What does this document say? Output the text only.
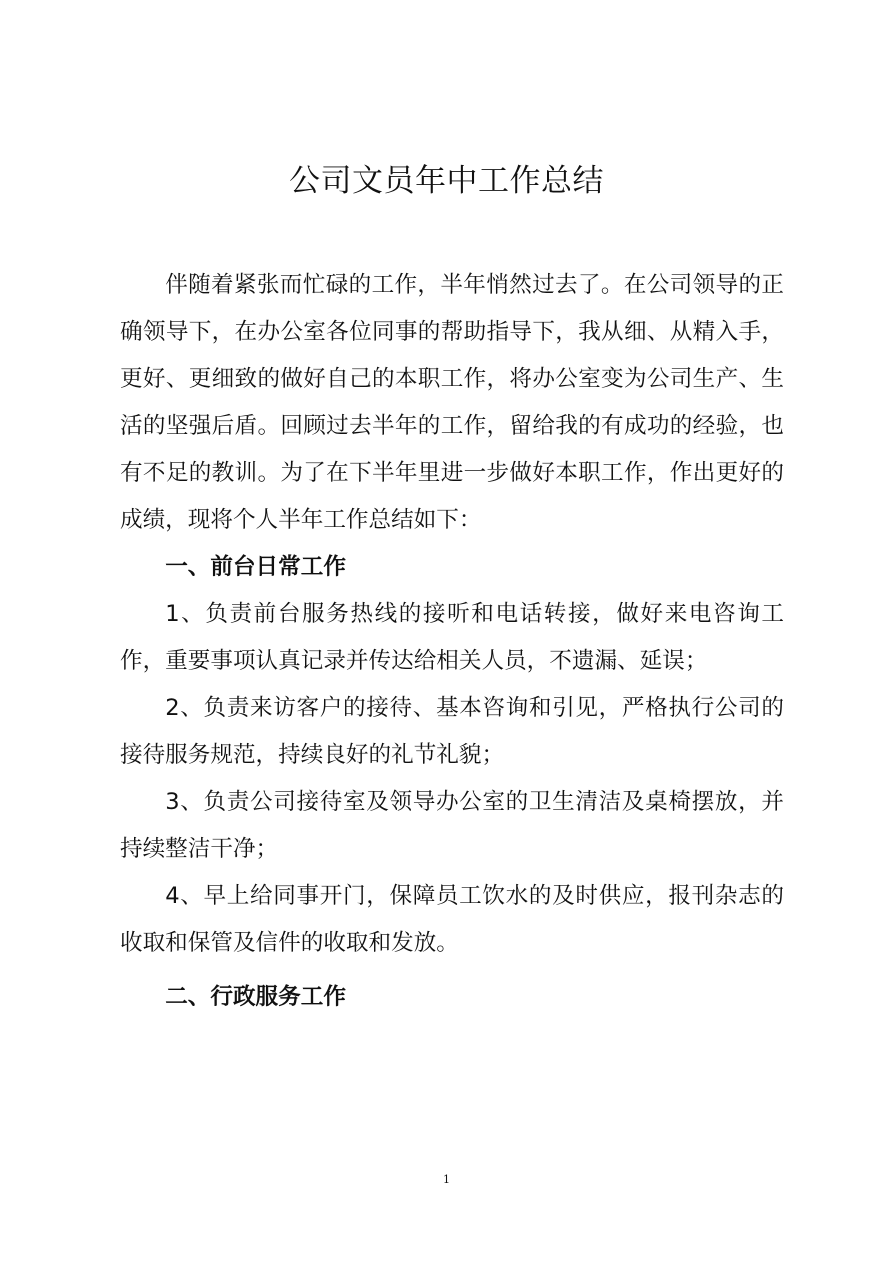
公司文员年中工作总结

伴随着紧张而忙碌的工作，半年悄然过去了。在公司领导的正确领导下，在办公室各位同事的帮助指导下，我从细、从精入手，更好、更细致的做好自己的本职工作，将办公室变为公司生产、生活的坚强后盾。回顾过去半年的工作，留给我的有成功的经验，也有不足的教训。为了在下半年里进一步做好本职工作，作出更好的成绩，现将个人半年工作总结如下：

一、前台日常工作

1、负责前台服务热线的接听和电话转接，做好来电咨询工作，重要事项认真记录并传达给相关人员，不遗漏、延误；

2、负责来访客户的接待、基本咨询和引见，严格执行公司的接待服务规范，持续良好的礼节礼貌；

3、负责公司接待室及领导办公室的卫生清洁及桌椅摆放，并持续整洁干净；

4、早上给同事开门，保障员工饮水的及时供应，报刊杂志的收取和保管及信件的收取和发放。

二、行政服务工作
1
